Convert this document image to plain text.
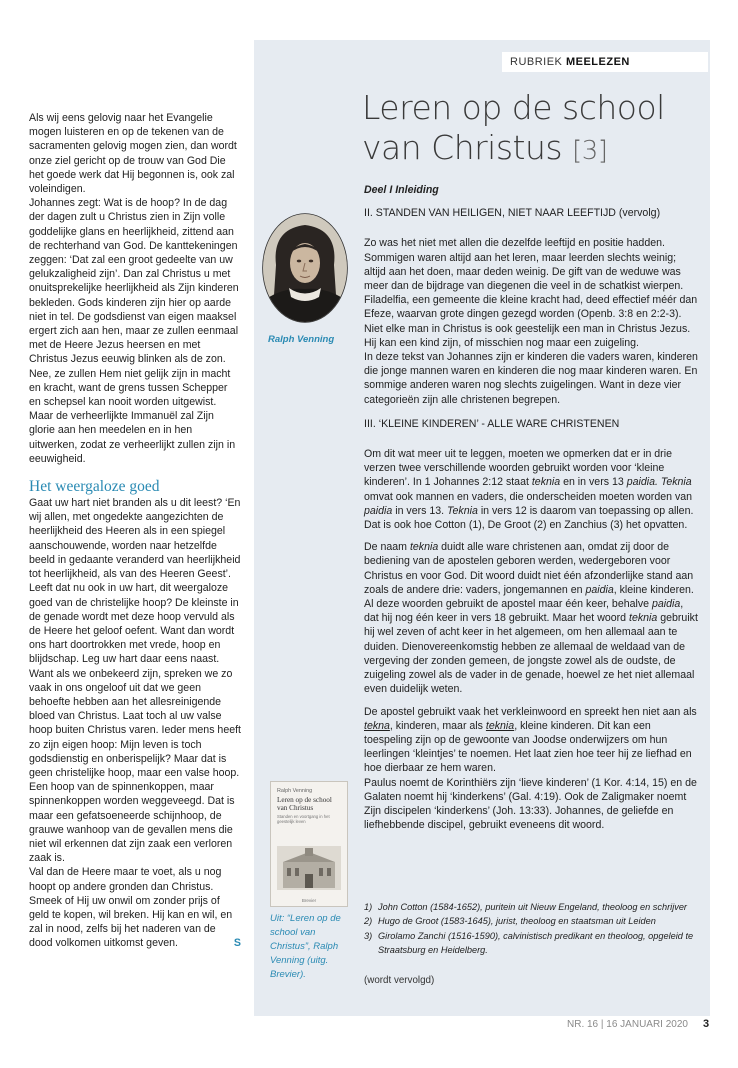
RUBRIEK MEELEZEN

Als wij eens gelovig naar het Evangelie mogen luisteren en op de tekenen van de sacramenten gelovig mogen zien, dan wordt onze ziel gericht op de trouw van God Die het goede werk dat Hij begonnen is, ook zal voleindigen.

Johannes zegt: Wat is de hoop? In de dag der dagen zult u Christus zien in Zijn volle goddelijke glans en heerlijkheid, zittend aan de rechterhand van God. De kanttekeningen zeggen: ‘Dat zal een groot gedeelte van uw gelukzaligheid zijn’. Dan zal Christus u met onuitsprekelijke heerlijkheid als Zijn kinderen bekleden. Gods kinderen zijn hier op aarde niet in tel. De godsdienst van eigen maaksel ergert zich aan hen, maar ze zullen eenmaal met de Heere Jezus heersen en met Christus Jezus eeuwig blinken als de zon. Nee, ze zullen Hem niet gelijk zijn in macht en kracht, want de grens tussen Schepper en schepsel kan nooit worden uitgewist. Maar de verheerlijkte Immanuël zal Zijn glorie aan hen meedelen en in hen uitwerken, zodat ze verheerlijkt zullen zijn in eeuwigheid.

Het weergaloze goed

Gaat uw hart niet branden als u dit leest? ‘En wij allen, met ongedekte aangezichten de heerlijkheid des Heeren als in een spiegel aanschouwende, worden naar hetzelfde beeld in gedaante veranderd van heerlijkheid tot heerlijkheid, als van des Heeren Geest’.

Leeft dat nu ook in uw hart, dit weergaloze goed van de christelijke hoop? De kleinste in de genade wordt met deze hoop vervuld als de Heere het geloof oefent. Want dan wordt ons hart doortrokken met vrede, hoop en blijdschap. Leg uw hart daar eens naast. Want als we onbekeerd zijn, spreken we zo vaak in ons ongeloof uit dat we geen behoefte hebben aan het allesreinigende bloed van Christus. Laat toch al uw valse hoop buiten Christus varen. Ieder mens heeft zo zijn eigen hoop: Mijn leven is toch godsdienstig en onberispelijk? Maar dat is geen christelijke hoop, maar een valse hoop. Een hoop van de spinnenkoppen, maar spinnenkoppen worden weggeveegd. Dat is maar een gefatsoeneerde schijnhoop, de grauwe wanhoop van de gevallen mens die niet wil erkennen dat zijn zaak een verloren zaak is.

Val dan de Heere maar te voet, als u nog hoopt op andere gronden dan Christus. Smeek of Hij uw onwil om zonder prijs of geld te kopen, wil breken. Hij kan en wil, en zal in nood, zelfs bij het naderen van de dood volkomen uitkomst geven.	S

Leren op de school
van Christus [3]
Ralph Venning
Ralph Venning
Leren op de school van Christus
Standen en voortgang in het geestelijk leven
Brevier
Uit: “Leren op de school van Christus”, Ralph Venning (uitg. Brevier).

Deel I Inleiding

II. STANDEN VAN HEILIGEN, NIET NAAR LEEFTIJD (vervolg)

Zo was het niet met allen die dezelfde leeftijd en positie hadden. Sommigen waren altijd aan het leren, maar leerden slechts weinig; altijd aan het doen, maar deden weinig. De gift van de weduwe was meer dan de bijdrage van diegenen die veel in de schatkist wierpen. Filadelfia, een gemeente die kleine kracht had, deed effectief méér dan Efeze, waarvan grote dingen gezegd worden (Openb. 3:8 en 2:2-3). Niet elke man in Christus is ook geestelijk een man in Christus Jezus. Hij kan een kind zijn, of misschien nog maar een zuigeling.

In deze tekst van Johannes zijn er kinderen die vaders waren, kinderen die jonge mannen waren en kinderen die nog maar kinderen waren. En sommige anderen waren nog slechts zuigelingen. Want in deze vier categorieën zijn alle christenen begrepen.

III. ‘KLEINE KINDEREN’ - ALLE WARE CHRISTENEN

Om dit wat meer uit te leggen, moeten we opmerken dat er in drie verzen twee verschillende woorden gebruikt worden voor ‘kleine kinderen’. In 1 Johannes 2:12 staat teknia en in vers 13 paidia. Teknia omvat ook mannen en vaders, die onderscheiden moeten worden van paidia in vers 13. Teknia in vers 12 is daarom van toepassing op allen. Dat is ook hoe Cotton (1), De Groot (2) en Zanchius (3) het opvatten.

De naam teknia duidt alle ware christenen aan, omdat zij door de bediening van de apostelen geboren werden, wedergeboren voor Christus en voor God. Dit woord duidt niet één afzonderlijke stand aan zoals de andere drie: vaders, jongemannen en paidia, kleine kinderen. Al deze woorden gebruikt de apostel maar één keer, behalve paidia, dat hij nog één keer in vers 18 gebruikt. Maar het woord teknia gebruikt hij wel zeven of acht keer in het algemeen, om hen allemaal aan te duiden. Dienovereenkomstig hebben ze allemaal de weldaad van de vergeving der zonden gemeen, de jongste zowel als de oudste, de zuigeling zowel als de vader in de genade, hoewel ze het niet allemaal even duidelijk weten.

De apostel gebruikt vaak het verkleinwoord en spreekt hen niet aan als tekna, kinderen, maar als teknia, kleine kinderen. Dit kan een toespeling zijn op de gewoonte van Joodse onderwijzers om hun leerlingen ‘kleintjes’ te noemen. Het laat zien hoe teer hij ze liefhad en hoe dierbaar ze hem waren.

Paulus noemt de Korinthiërs zijn ‘lieve kinderen’ (1 Kor. 4:14, 15) en de Galaten noemt hij ‘kinderkens’ (Gal. 4:19). Ook de Zaligmaker noemt Zijn discipelen ‘kinderkens’ (Joh. 13:33). Johannes, de geliefde en liefhebbende discipel, gebruikt eveneens dit woord.

1) John Cotton (1584-1652), puritein uit Nieuw Engeland, theoloog en schrijver
2) Hugo de Groot (1583-1645), jurist, theoloog en staatsman uit Leiden
3) Girolamo Zanchi (1516-1590), calvinistisch predikant en theoloog, opgeleid te Straatsburg en Heidelberg.
(wordt vervolgd)
NR. 16 | 16 JANUARI 2020 3
